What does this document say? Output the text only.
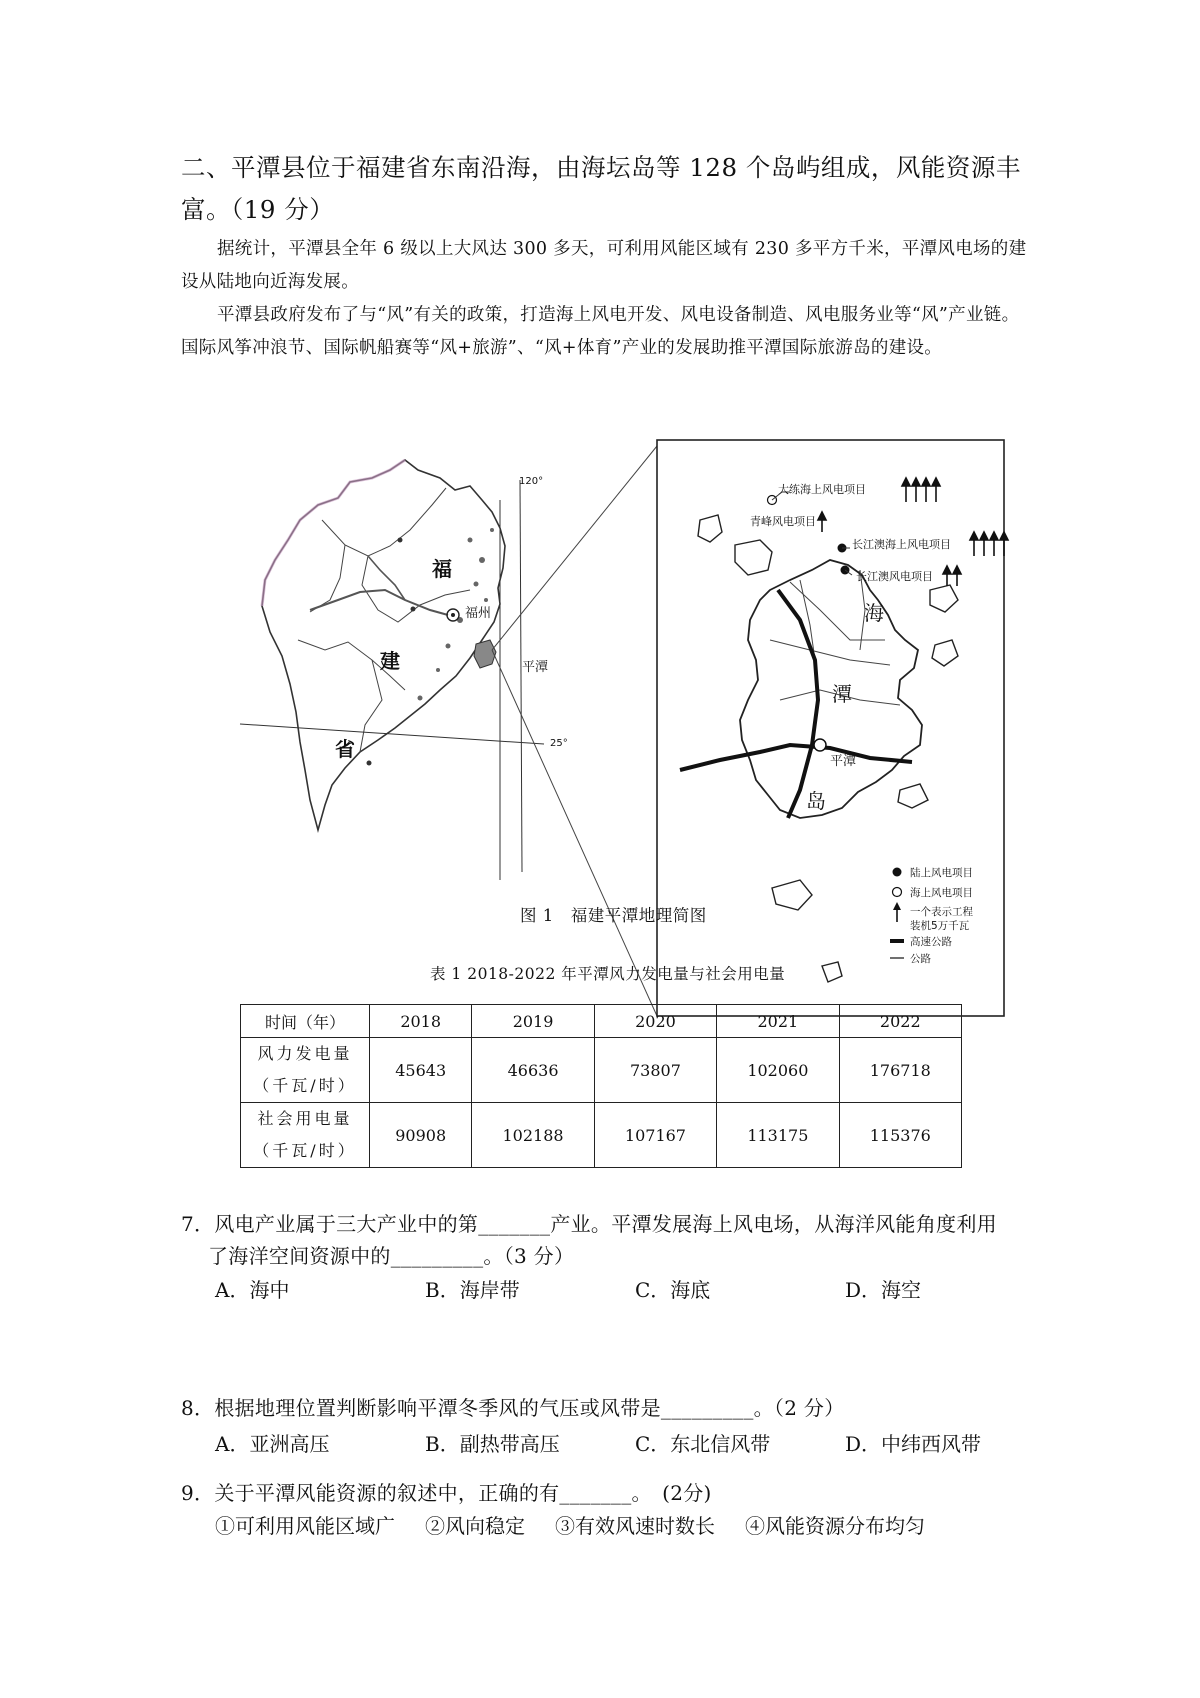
二、平潭县位于福建省东南沿海，由海坛岛等 128 个岛屿组成，风能资源丰富。（19 分）
据统计，平潭县全年 6 级以上大风达 300 多天，可利用风能区域有 230 多平方千米，平潭风电场的建设从陆地向近海发展。
平潭县政府发布了与“风”有关的政策，打造海上风电开发、风电设备制造、风电服务业等“风”产业链。国际风筝冲浪节、国际帆船赛等“风+旅游”、“风+体育”产业的发展助推平潭国际旅游岛的建设。
福
建
省
福州
平潭
120°
25°
大练海上风电项目
青峰风电项目
长江澳海上风电项目
长江澳风电项目
海
潭
岛
平潭
陆上风电项目
海上风电项目
一个表示工程
装机5万千瓦
高速公路
公路
图 1　福建平潭地理简图
表 1 2018-2022 年平潭风力发电量与社会用电量
时间（年）	2018	2019	2020	2021	2022

风力发电量
（千瓦/时）	45643	46636	73807	102060	176718

社会用电量
（千瓦/时）	90908	102188	107167	113175	115376
7．风电产业属于三大产业中的第_______产业。平潭发展海上风电场，从海洋风能角度利用
了海洋空间资源中的_________。（3 分）
A．海中	B．海岸带	C．海底	D．海空
8．根据地理位置判断影响平潭冬季风的气压或风带是_________。（2 分）
A．亚洲高压	B．副热带高压	C．东北信风带	D．中纬西风带
9．关于平潭风能资源的叙述中，正确的有_______。　(2分)
①可利用风能区域广 ②风向稳定 ③有效风速时数长 ④风能资源分布均匀
